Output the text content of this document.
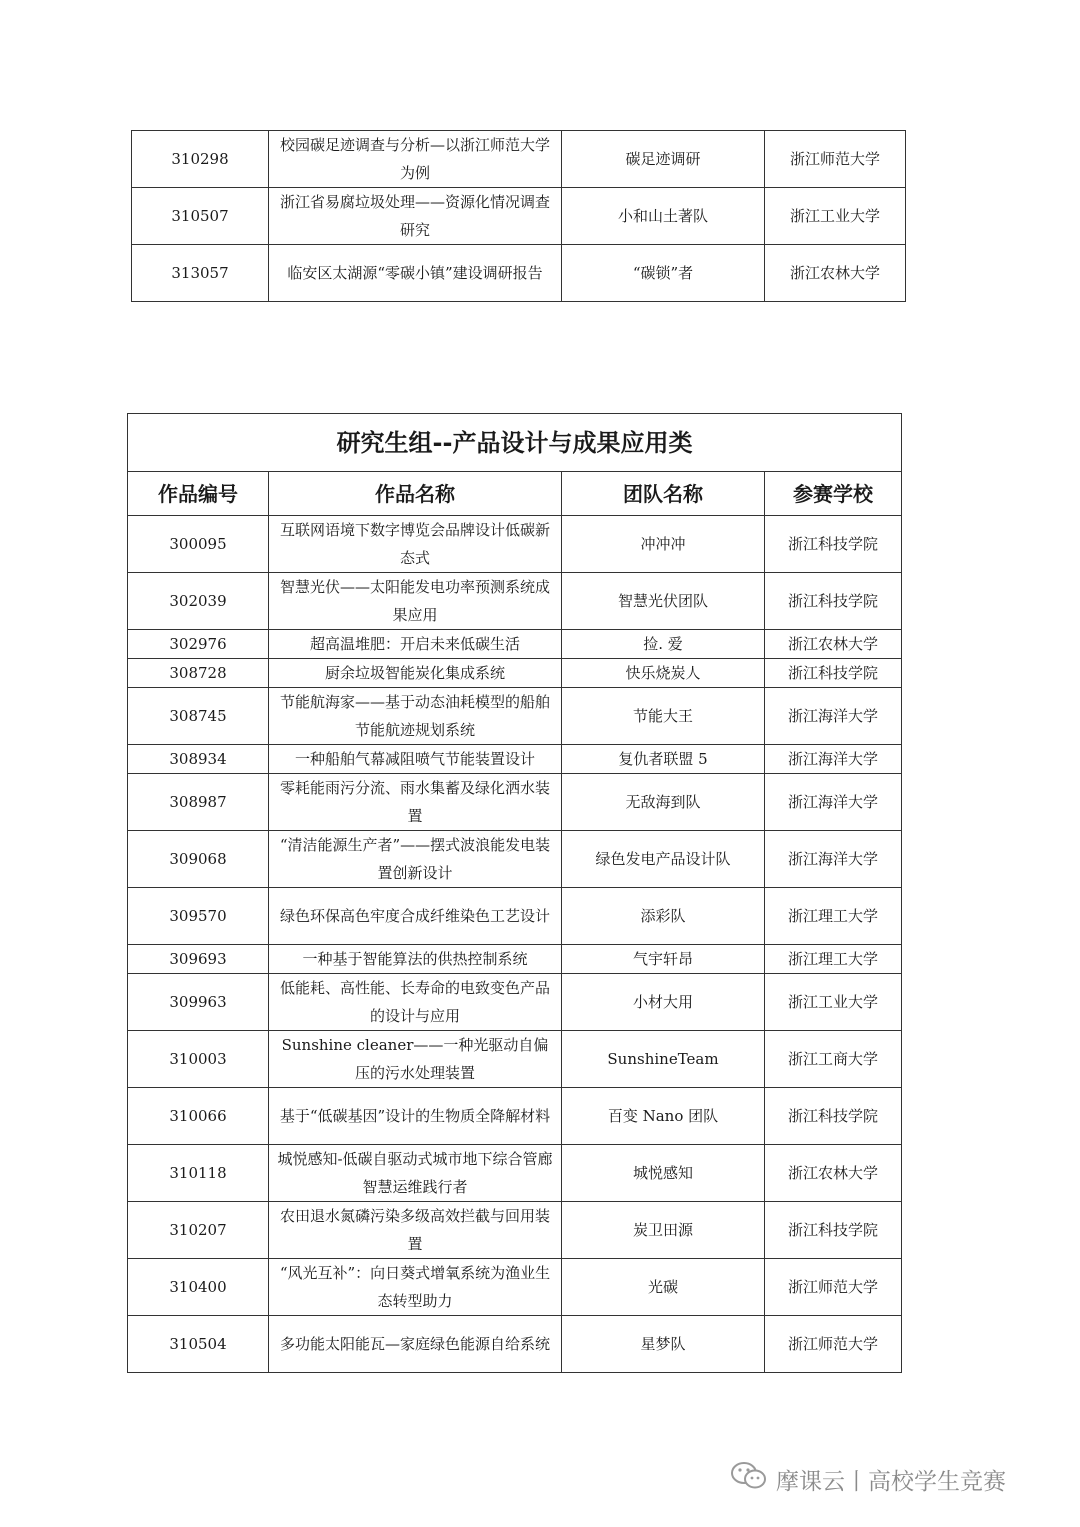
310298	校园碳足迹调查与分析—以浙江师范大学为例	碳足迹调研	浙江师范大学
310507	浙江省易腐垃圾处理——资源化情况调查研究	小和山土著队	浙江工业大学
313057	临安区太湖源“零碳小镇”建设调研报告	“碳锁”者	浙江农林大学
研究生组--产品设计与成果应用类			
作品编号	作品名称	团队名称	参赛学校
300095	互联网语境下数字博览会品牌设计低碳新态式	冲冲冲	浙江科技学院
302039	智慧光伏——太阳能发电功率预测系统成果应用	智慧光伏团队	浙江科技学院
302976	超高温堆肥：开启未来低碳生活	捡. 爱	浙江农林大学
308728	厨余垃圾智能炭化集成系统	快乐烧炭人	浙江科技学院
308745	节能航海家——基于动态油耗模型的船舶节能航迹规划系统	节能大王	浙江海洋大学
308934	一种船舶气幕减阻喷气节能装置设计	复仇者联盟 5	浙江海洋大学
308987	零耗能雨污分流、雨水集蓄及绿化洒水装置	无敌海到队	浙江海洋大学
309068	“清洁能源生产者”——摆式波浪能发电装置创新设计	绿色发电产品设计队	浙江海洋大学
309570	绿色环保高色牢度合成纤维染色工艺设计	添彩队	浙江理工大学
309693	一种基于智能算法的供热控制系统	气宇轩昂	浙江理工大学
309963	低能耗、高性能、长寿命的电致变色产品的设计与应用	小材大用	浙江工业大学
310003	Sunshine cleaner——一种光驱动自偏压的污水处理装置	SunshineTeam	浙江工商大学
310066	基于“低碳基因”设计的生物质全降解材料	百变 Nano 团队	浙江科技学院
310118	城悦感知-低碳自驱动式城市地下综合管廊智慧运维践行者	城悦感知	浙江农林大学
310207	农田退水氮磷污染多级高效拦截与回用装置	炭卫田源	浙江科技学院
310400	“风光互补”：向日葵式增氧系统为渔业生态转型助力	光碳	浙江师范大学
310504	多功能太阳能瓦—家庭绿色能源自给系统	星梦队	浙江师范大学
摩课云丨高校学生竞赛
